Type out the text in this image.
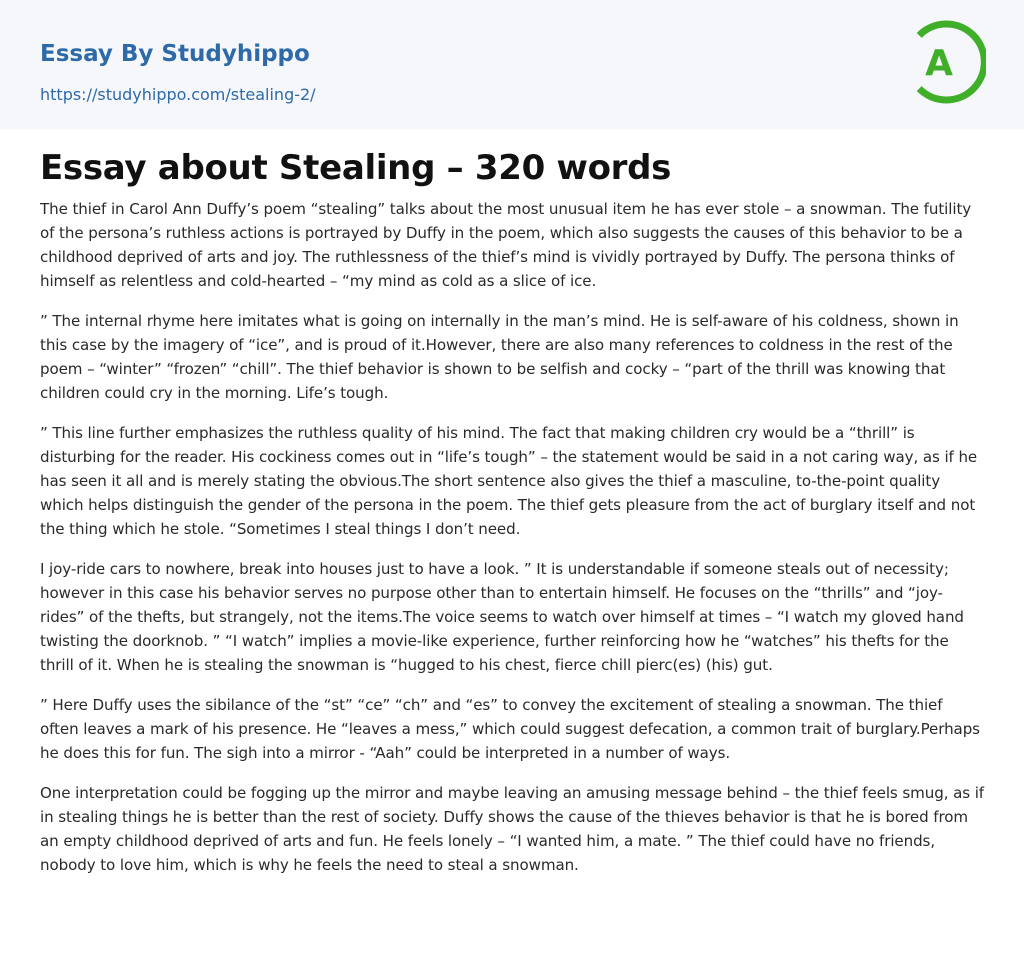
Essay By Studyhippo
https://studyhippo.com/stealing-2/
A
Essay about Stealing – 320 words

The thief in Carol Ann Duffy’s poem “stealing” talks about the most unusual item he has ever stole – a snowman. The futility of the persona’s ruthless actions is portrayed by Duffy in the poem, which also suggests the causes of this behavior to be a childhood deprived of arts and joy. The ruthlessness of the thief’s mind is vividly portrayed by Duffy. The persona thinks of himself as relentless and cold-hearted – “my mind as cold as a slice of ice.

” The internal rhyme here imitates what is going on internally in the man’s mind. He is self-aware of his coldness, shown in this case by the imagery of “ice”, and is proud of it.However, there are also many references to coldness in the rest of the poem – “winter” “frozen” “chill”. The thief behavior is shown to be selfish and cocky – “part of the thrill was knowing that children could cry in the morning. Life’s tough.

” This line further emphasizes the ruthless quality of his mind. The fact that making children cry would be a “thrill” is disturbing for the reader. His cockiness comes out in “life’s tough” – the statement would be said in a not caring way, as if he has seen it all and is merely stating the obvious.The short sentence also gives the thief a masculine, to-the-point quality which helps distinguish the gender of the persona in the poem. The thief gets pleasure from the act of burglary itself and not the thing which he stole. “Sometimes I steal things I don’t need.

I joy-ride cars to nowhere, break into houses just to have a look. ” It is understandable if someone steals out of necessity; however in this case his behavior serves no purpose other than to entertain himself. He focuses on the “thrills” and “joy-rides” of the thefts, but strangely, not the items.The voice seems to watch over himself at times – “I watch my gloved hand twisting the doorknob. ” “I watch” implies a movie-like experience, further reinforcing how he “watches” his thefts for the thrill of it. When he is stealing the snowman is “hugged to his chest, fierce chill pierc(es) (his) gut.

” Here Duffy uses the sibilance of the “st” “ce” “ch” and “es” to convey the excitement of stealing a snowman. The thief often leaves a mark of his presence. He “leaves a mess,” which could suggest defecation, a common trait of burglary.Perhaps he does this for fun. The sigh into a mirror - “Aah” could be interpreted in a number of ways.

One interpretation could be fogging up the mirror and maybe leaving an amusing message behind – the thief feels smug, as if in stealing things he is better than the rest of society. Duffy shows the cause of the thieves behavior is that he is bored from an empty childhood deprived of arts and fun. He feels lonely – “I wanted him, a mate. ” The thief could have no friends, nobody to love him, which is why he feels the need to steal a snowman.
